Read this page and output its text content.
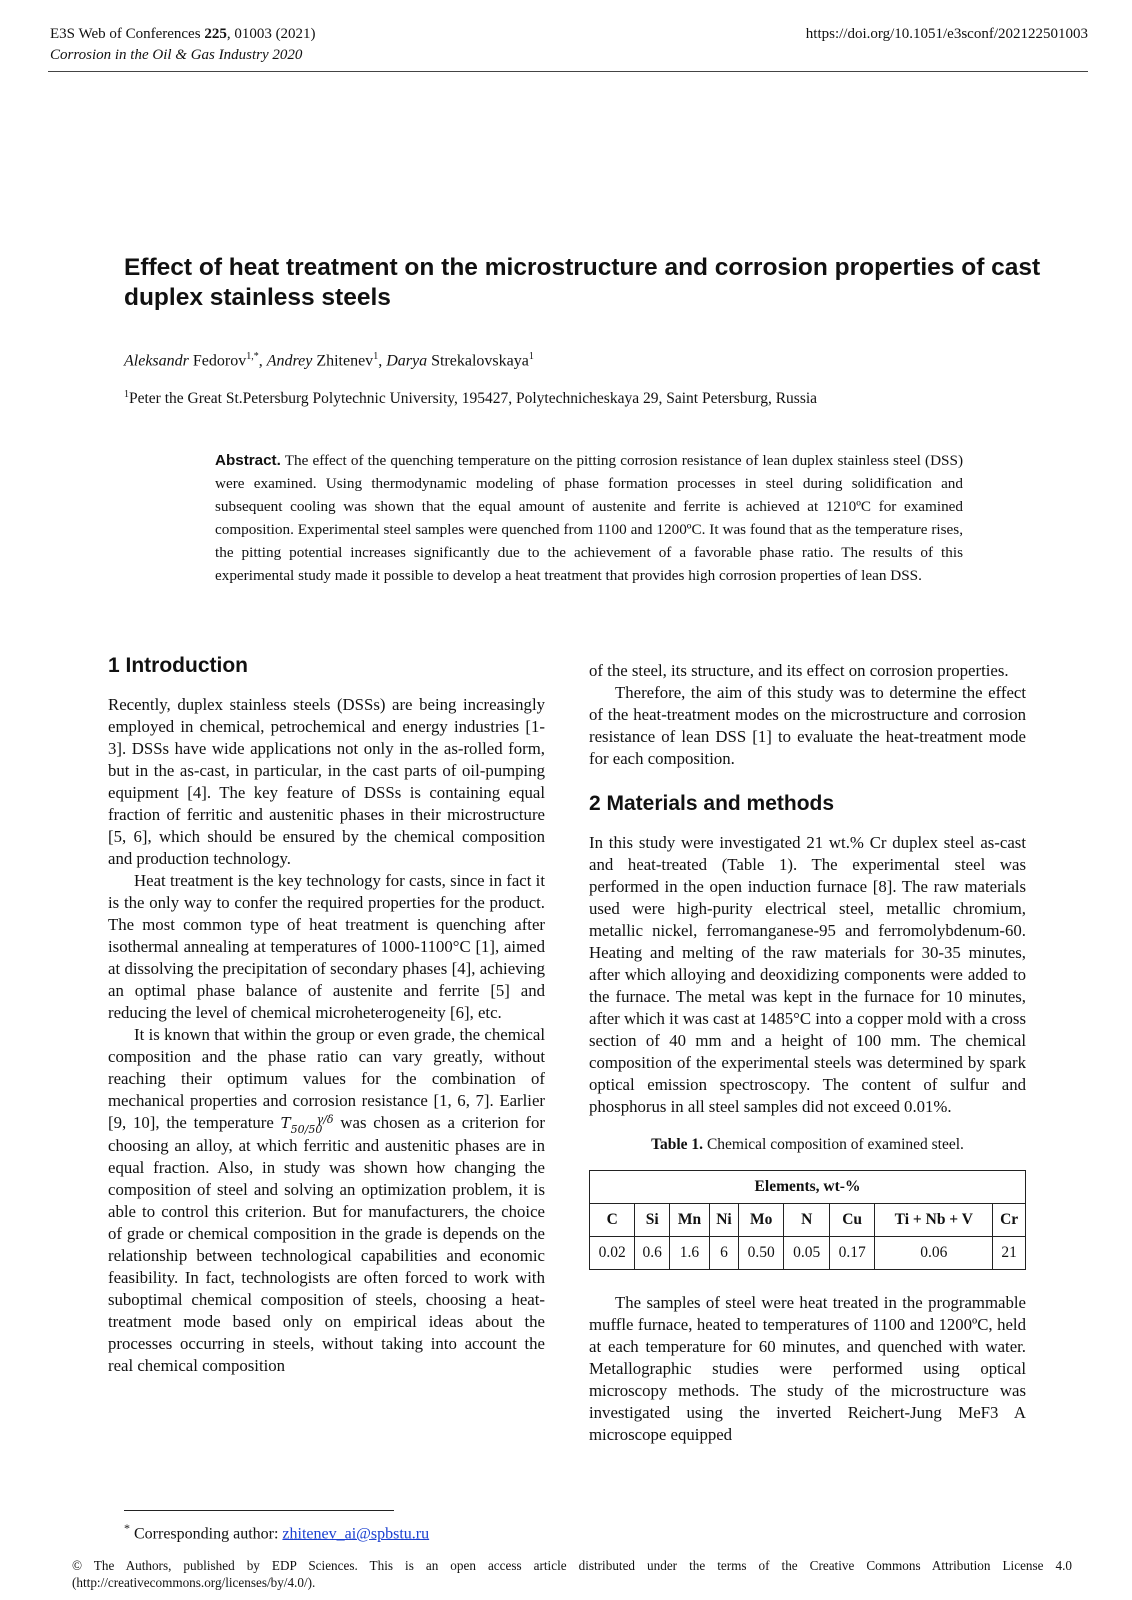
E3S Web of Conferences 225, 01003 (2021)
Corrosion in the Oil & Gas Industry 2020
https://doi.org/10.1051/e3sconf/202122501003
Effect of heat treatment on the microstructure and corrosion properties of cast duplex stainless steels
Aleksandr Fedorov$^{1,*}$, Andrey Zhitenev$^1$, Darya Strekalovskaya$^1$
$^1$Peter the Great St.Petersburg Polytechnic University, 195427, Polytechnicheskaya 29, Saint Petersburg, Russia

Abstract. The effect of the quenching temperature on the pitting corrosion resistance of lean duplex stainless steel (DSS) were examined. Using thermodynamic modeling of phase formation processes in steel during solidification and subsequent cooling was shown that the equal amount of austenite and ferrite is achieved at 1210ºC for examined composition. Experimental steel samples were quenched from 1100 and 1200ºC. It was found that as the temperature rises, the pitting potential increases significantly due to the achievement of a favorable phase ratio. The results of this experimental study made it possible to develop a heat treatment that provides high corrosion properties of lean DSS.

1 Introduction

Recently, duplex stainless steels (DSSs) are being increasingly employed in chemical, petrochemical and energy industries [1-3]. DSSs have wide applications not only in the as-rolled form, but in the as-cast, in particular, in the cast parts of oil-pumping equipment [4]. The key feature of DSSs is containing equal fraction of ferritic and austenitic phases in their microstructure [5, 6], which should be ensured by the chemical composition and production technology.

Heat treatment is the key technology for casts, since in fact it is the only way to confer the required properties for the product. The most common type of heat treatment is quenching after isothermal annealing at temperatures of 1000-1100°C [1], aimed at dissolving the precipitation of secondary phases [4], achieving an optimal phase balance of austenite and ferrite [5] and reducing the level of chemical microheterogeneity [6], etc.

It is known that within the group or even grade, the chemical composition and the phase ratio can vary greatly, without reaching their optimum values for the combination of mechanical properties and corrosion resistance [1, 6, 7]. Earlier [9, 10], the temperature T γ/δ
50/50 was chosen as a criterion for choosing an alloy, at which ferritic and austenitic phases are in equal fraction. Also, in study was shown how changing the composition of steel and solving an optimization problem, it is able to control this criterion. But for manufacturers, the choice of grade or chemical composition in the grade is depends on the relationship between technological capabilities and economic feasibility. In fact, technologists are often forced to work with suboptimal chemical composition of steels, choosing a heat-treatment mode based only on empirical ideas about the processes occurring in steels, without taking into account the real chemical composition

of the steel, its structure, and its effect on corrosion properties.

Therefore, the aim of this study was to determine the effect of the heat-treatment modes on the microstructure and corrosion resistance of lean DSS [1] to evaluate the heat-treatment mode for each composition.

2 Materials and methods

In this study were investigated 21 wt.% Cr duplex steel as-cast and heat-treated (Table 1). The experimental steel was performed in the open induction furnace [8]. The raw materials used were high-purity electrical steel, metallic chromium, metallic nickel, ferromanganese-95 and ferromolybdenum-60. Heating and melting of the raw materials for 30-35 minutes, after which alloying and deoxidizing components were added to the furnace. The metal was kept in the furnace for 10 minutes, after which it was cast at 1485°C into a copper mold with a cross section of 40 mm and a height of 100 mm. The chemical composition of the experimental steels was determined by spark optical emission spectroscopy. The content of sulfur and phosphorus in all steel samples did not exceed 0.01%.

Table 1. Chemical composition of examined steel.
Elements, wt-%								
C	Si	Mn	Ni	Mo	N	Cu	Ti + Nb + V	Cr
0.02	0.6	1.6	6	0.50	0.05	0.17	0.06	21

The samples of steel were heat treated in the programmable muffle furnace, heated to temperatures of 1100 and 1200ºC, held at each temperature for 60 minutes, and quenched with water. Metallographic studies were performed using optical microscopy methods. The study of the microstructure was investigated using the inverted Reichert-Jung MeF3 A microscope equipped

* Corresponding author: zhitenev_ai@spbstu.ru

© The Authors, published by EDP Sciences. This is an open access article distributed under the terms of the Creative Commons Attribution License 4.0 (http://creativecommons.org/licenses/by/4.0/).
